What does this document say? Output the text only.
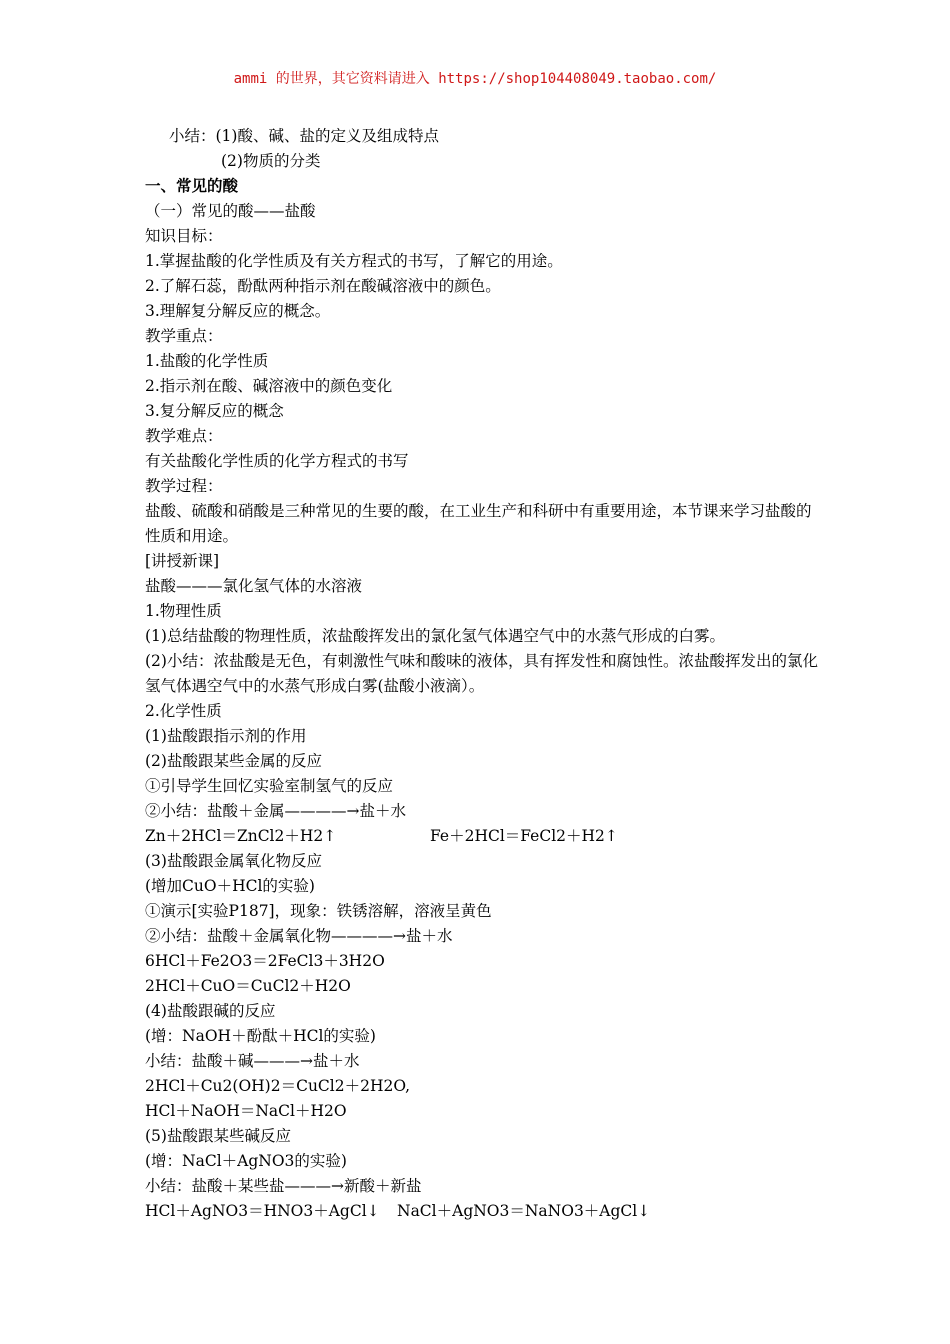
ammi 的世界，其它资料请进入 https://shop104408049.taobao.com/
小结：(1)酸、碱、盐的定义及组成特点
(2)物质的分类
一、常见的酸
（一）常见的酸——盐酸
知识目标：
1.掌握盐酸的化学性质及有关方程式的书写，了解它的用途。
2.了解石蕊，酚酞两种指示剂在酸碱溶液中的颜色。
3.理解复分解反应的概念。
教学重点：
1.盐酸的化学性质
2.指示剂在酸、碱溶液中的颜色变化
3.复分解反应的概念
教学难点：
有关盐酸化学性质的化学方程式的书写
教学过程：
盐酸、硫酸和硝酸是三种常见的生要的酸，在工业生产和科研中有重要用途，本节课来学习盐酸的性质和用途。
[讲授新课]
盐酸———氯化氢气体的水溶液
1.物理性质
(1)总结盐酸的物理性质，浓盐酸挥发出的氯化氢气体遇空气中的水蒸气形成的白雾。
(2)小结：浓盐酸是无色，有刺激性气味和酸味的液体，具有挥发性和腐蚀性。浓盐酸挥发出的氯化氢气体遇空气中的水蒸气形成白雾(盐酸小液滴）。
2.化学性质
(1)盐酸跟指示剂的作用
(2)盐酸跟某些金属的反应
①引导学生回忆实验室制氢气的反应
②小结：盐酸＋金属————→盐＋水
Zn＋2HCl＝ZnCl2＋H2↑	Fe＋2HCl＝FeCl2＋H2↑
(3)盐酸跟金属氧化物反应
(增加CuO＋HCl的实验)
①演示[实验P187]，现象：铁锈溶解，溶液呈黄色
②小结：盐酸＋金属氧化物————→盐＋水
6HCl＋Fe2O3＝2FeCl3＋3H2O
2HCl＋CuO＝CuCl2＋H2O
(4)盐酸跟碱的反应
(增：NaOH＋酚酞＋HCl的实验)
小结：盐酸＋碱———→盐＋水
2HCl＋Cu2(OH)2＝CuCl2＋2H2O,
HCl＋NaOH＝NaCl＋H2O
(5)盐酸跟某些碱反应
(增：NaCl＋AgNO3的实验)
小结：盐酸＋某些盐———→新酸＋新盐
HCl＋AgNO3＝HNO3＋AgCl↓	NaCl＋AgNO3＝NaNO3＋AgCl↓
